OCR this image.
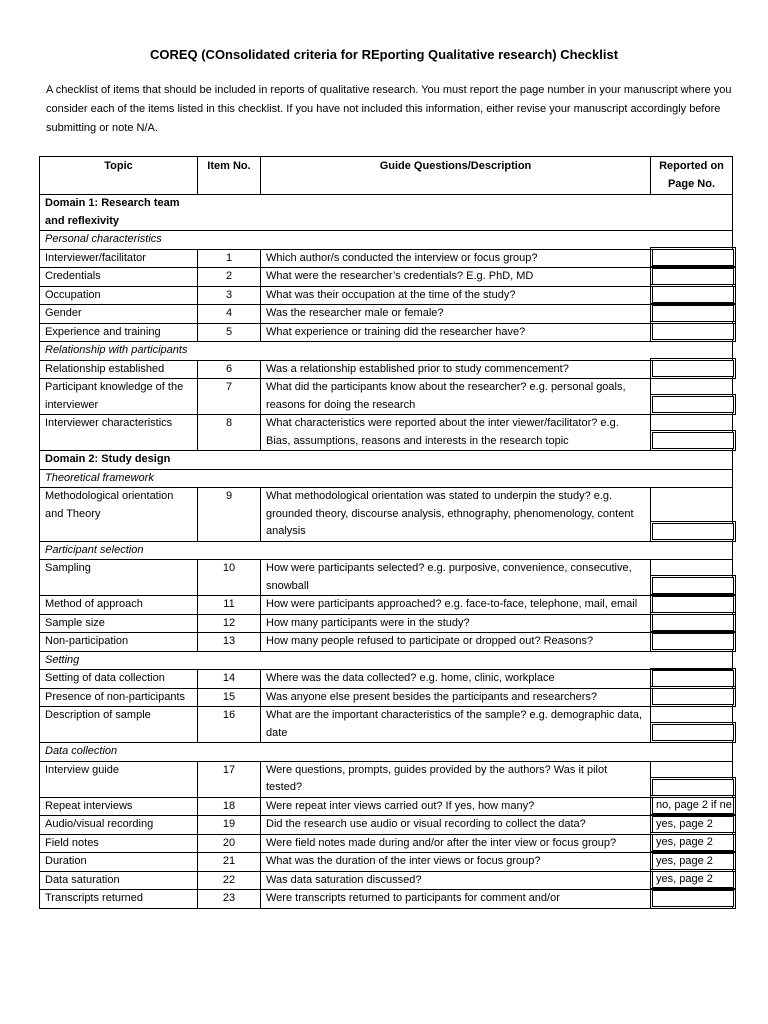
COREQ (COnsolidated criteria for REporting Qualitative research) Checklist
A checklist of items that should be included in reports of qualitative research. You must report the page number in your manuscript where you consider each of the items listed in this checklist. If you have not included this information, either revise your manuscript accordingly before submitting or note N/A.
Topic	Item No.	Guide Questions/Description	Reported on Page No.
Domain 1: Research team and reflexivity			
Personal characteristics			
Interviewer/facilitator	1	Which author/s conducted the interview or focus group?	

Credentials	2	What were the researcher’s credentials? E.g. PhD, MD	

Occupation	3	What was their occupation at the time of the study?	

Gender	4	Was the researcher male or female?	

Experience and training	5	What experience or training did the researcher have?	

Relationship with participants			
Relationship established	6	Was a relationship established prior to study commencement?	

Participant knowledge of the interviewer	7	What did the participants know about the researcher? e.g. personal goals, reasons for doing the research	

Interviewer characteristics	8	What characteristics were reported about the inter viewer/facilitator? e.g. Bias, assumptions, reasons and interests in the research topic	

Domain 2: Study design			
Theoretical framework			
Methodological orientation and Theory	9	What methodological orientation was stated to underpin the study? e.g. grounded theory, discourse analysis, ethnography, phenomenology, content analysis	

Participant selection			
Sampling	10	How were participants selected? e.g. purposive, convenience, consecutive, snowball	

Method of approach	11	How were participants approached? e.g. face-to-face, telephone, mail, email	

Sample size	12	How many participants were in the study?	

Non-participation	13	How many people refused to participate or dropped out? Reasons?	

Setting			
Setting of data collection	14	Where was the data collected? e.g. home, clinic, workplace	

Presence of non-participants	15	Was anyone else present besides the participants and researchers?	

Description of sample	16	What are the important characteristics of the sample? e.g. demographic data, date	

Data collection			
Interview guide	17	Were questions, prompts, guides provided by the authors? Was it pilot tested?	

Repeat interviews	18	Were repeat inter views carried out? If yes, how many?	no, page 2 if ne

Audio/visual recording	19	Did the research use audio or visual recording to collect the data?	yes, page 2

Field notes	20	Were field notes made during and/or after the inter view or focus group?	yes, page 2

Duration	21	What was the duration of the inter views or focus group?	yes, page 2

Data saturation	22	Was data saturation discussed?	yes, page 2

Transcripts returned	23	Were transcripts returned to participants for comment and/or	
